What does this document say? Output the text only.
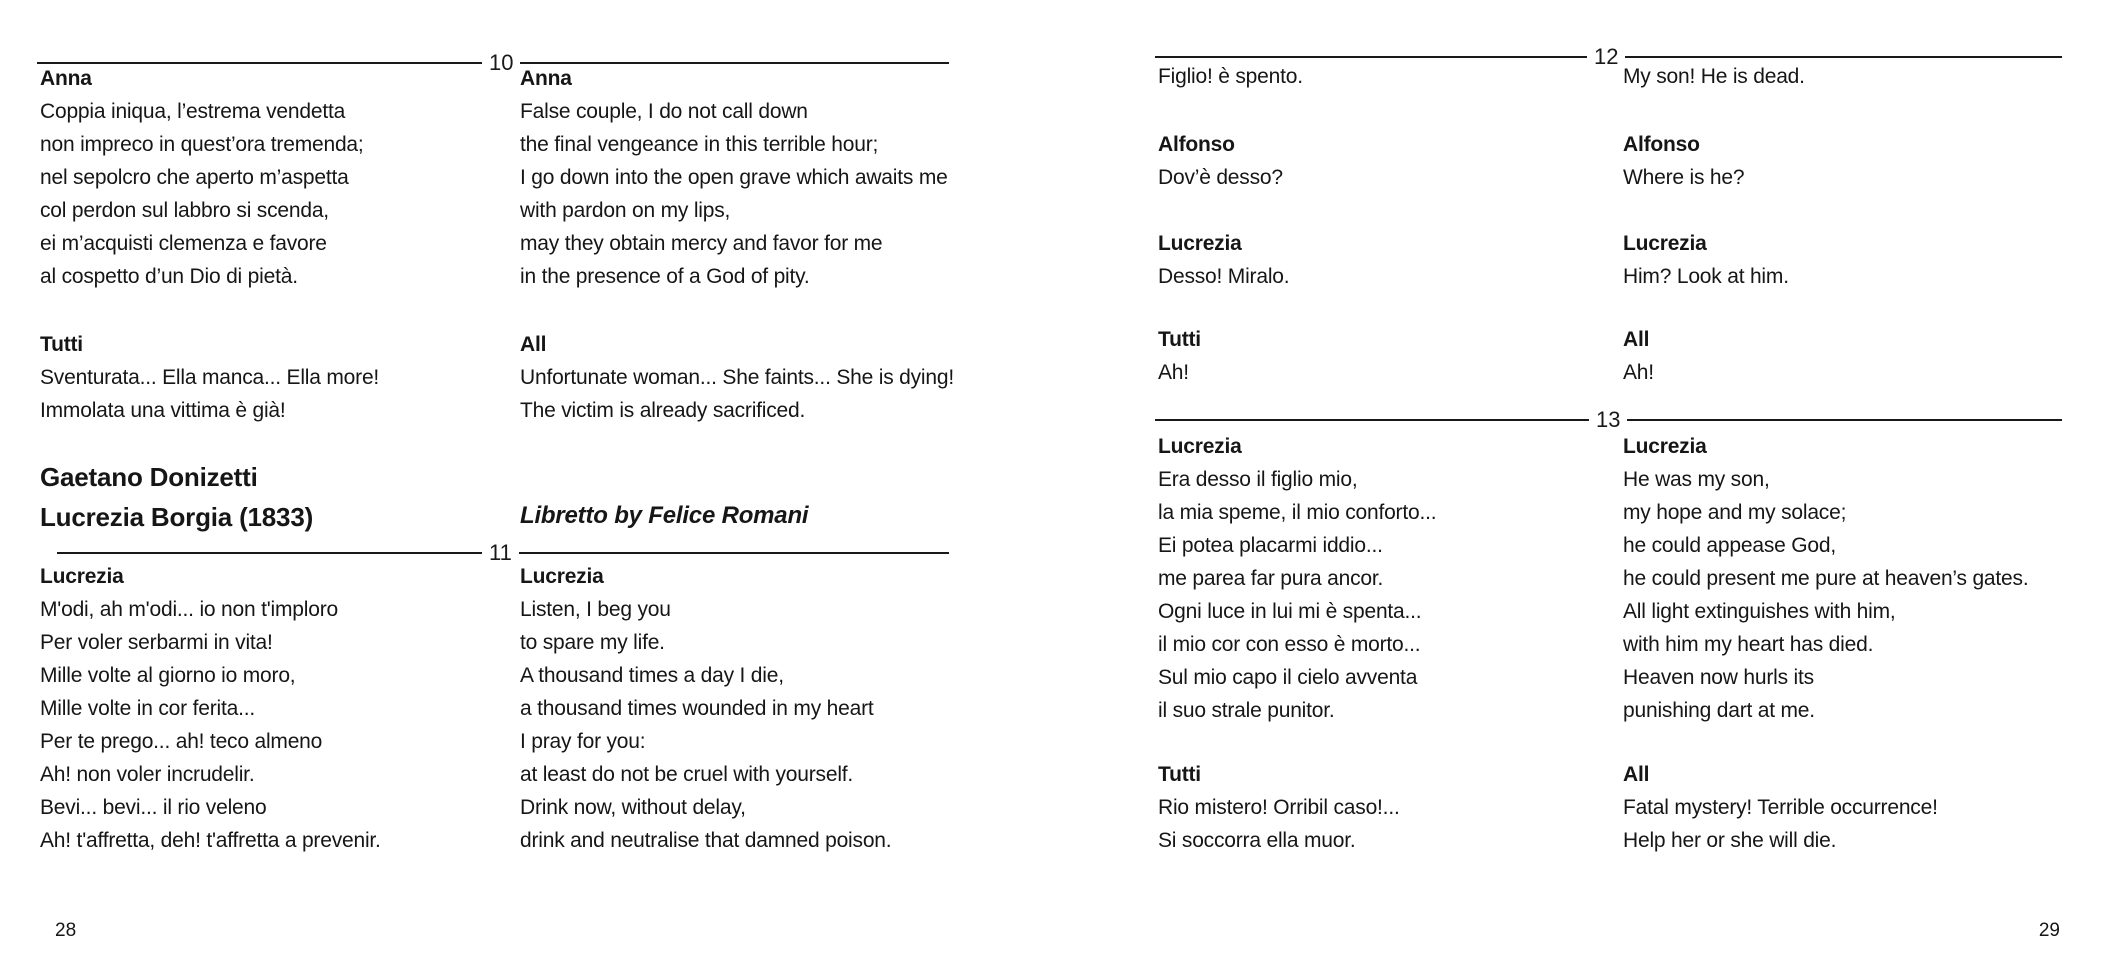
10
Anna
Coppia iniqua, l’estrema vendetta
non impreco in quest’ora tremenda;
nel sepolcro che aperto m’aspetta
col perdon sul labbro si scenda,
ei m’acquisti clemenza e favore
al cospetto d’un Dio di pietà.
Anna
False couple, I do not call down
the final vengeance in this terrible hour;
I go down into the open grave which awaits me
with pardon on my lips,
may they obtain mercy and favor for me
in the presence of a God of pity.
Tutti
Sventurata... Ella manca... Ella more!
Immolata una vittima è già!
All
Unfortunate woman... She faints... She is dying!
The victim is already sacrificed.
Gaetano Donizetti
Lucrezia Borgia (1833)	Libretto by Felice Romani
11
Lucrezia
M'odi, ah m'odi... io non t'imploro
Per voler serbarmi in vita!
Mille volte al giorno io moro,
Mille volte in cor ferita...
Per te prego... ah! teco almeno
Ah! non voler incrudelir.
Bevi... bevi... il rio veleno
Ah! t'affretta, deh! t'affretta a prevenir.
Lucrezia
Listen, I beg you
to spare my life.
A thousand times a day I die,
a thousand times wounded in my heart
I pray for you:
at least do not be cruel with yourself.
Drink now, without delay,
drink and neutralise that damned poison.
28
12
Figlio! è spento.	My son! He is dead.
Alfonso
Dov’è desso?
Alfonso
Where is he?
Lucrezia
Desso! Miralo.
Lucrezia
Him? Look at him.
Tutti
Ah!
All
Ah!
13
Lucrezia
Era desso il figlio mio,
la mia speme, il mio conforto...
Ei potea placarmi iddio...
me parea far pura ancor.
Ogni luce in lui mi è spenta...
il mio cor con esso è morto...
Sul mio capo il cielo avventa
il suo strale punitor.
Lucrezia
He was my son,
my hope and my solace;
he could appease God,
he could present me pure at heaven’s gates.
All light extinguishes with him,
with him my heart has died.
Heaven now hurls its
punishing dart at me.
Tutti
Rio mistero! Orribil caso!...
Si soccorra ella muor.
All
Fatal mystery! Terrible occurrence!
Help her or she will die.
29
